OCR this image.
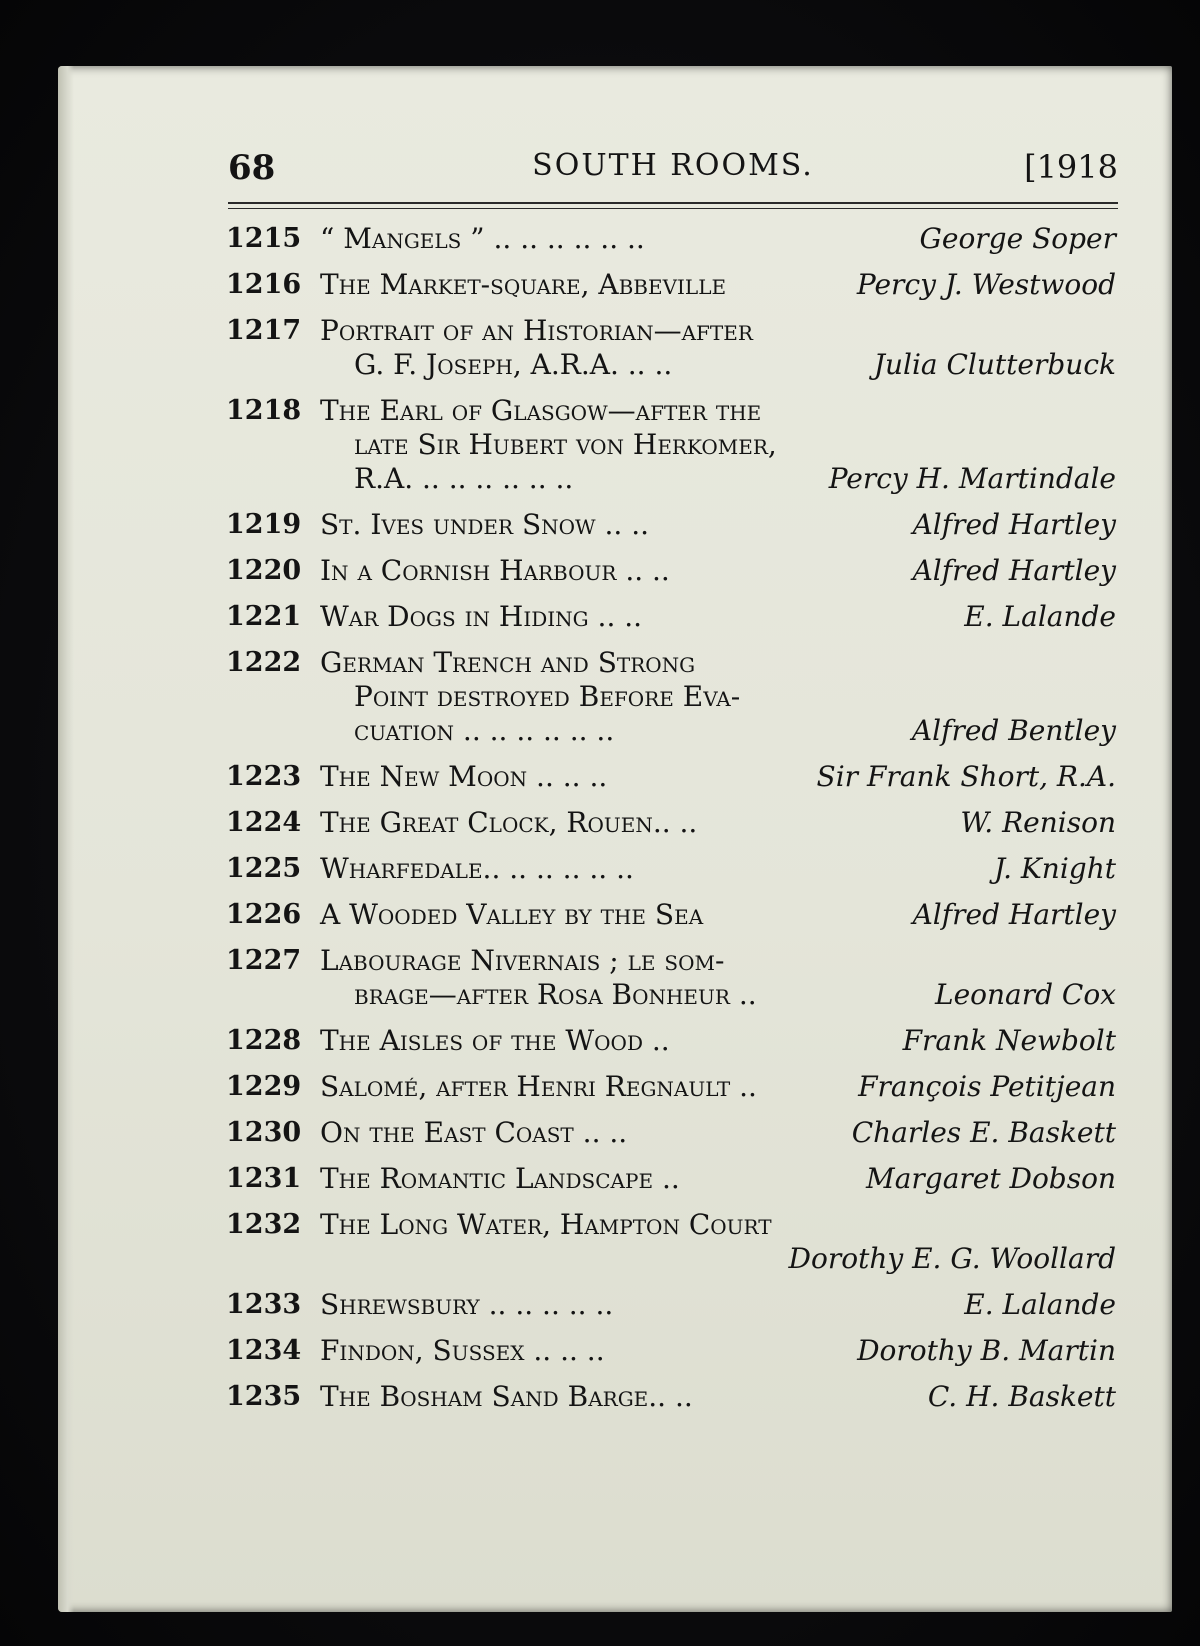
68	SOUTH ROOMS.	[1918
1215 “ Mangels ” .. .. .. .. .. ..	George Soper
1216 The Market-square, Abbeville	Percy J. Westwood
1217 Portrait of an Historian—after
G. F. Joseph, A.R.A. .. ..	Julia Clutterbuck
1218 The Earl of Glasgow—after the
late Sir Hubert von Herkomer,
R.A. .. .. .. .. .. ..	Percy H. Martindale
1219 St. Ives under Snow .. ..	Alfred Hartley
1220 In a Cornish Harbour .. ..	Alfred Hartley
1221 War Dogs in Hiding .. ..	E. Lalande
1222 German Trench and Strong
Point destroyed Before Eva-
cuation .. .. .. .. .. ..	Alfred Bentley
1223 The New Moon .. .. ..	Sir Frank Short, R.A.
1224 The Great Clock, Rouen.. ..	W. Renison
1225 Wharfedale.. .. .. .. .. ..	J. Knight
1226 A Wooded Valley by the Sea	Alfred Hartley
1227 Labourage Nivernais ; le som-
brage—after Rosa Bonheur ..	Leonard Cox
1228 The Aisles of the Wood ..	Frank Newbolt
1229 Salomé, after Henri Regnault ..	François Petitjean
1230 On the East Coast .. ..	Charles E. Baskett
1231 The Romantic Landscape ..	Margaret Dobson
1232 The Long Water, Hampton Court
Dorothy E. G. Woollard
1233 Shrewsbury .. .. .. .. ..	E. Lalande
1234 Findon, Sussex .. .. ..	Dorothy B. Martin
1235 The Bosham Sand Barge.. ..	C. H. Baskett
